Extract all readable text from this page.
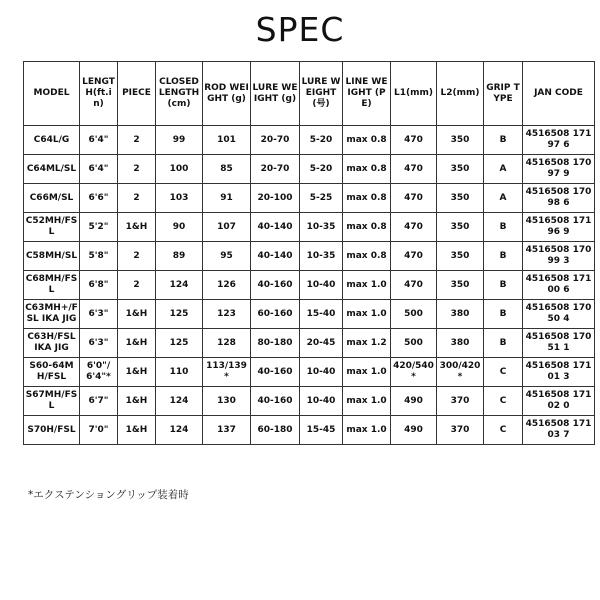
SPEC
MODEL	LENGTH(ft.in)	PIECE	CLOSED LENGTH (cm)	ROD WEIGHT (g)	LURE WEIGHT (g)	LURE WEIGHT (号)	LINE WEIGHT (PE)	L1(mm)	L2(mm)	GRIP TYPE	JAN CODE
C64L/G	6'4"	2	99	101	20-70	5-20	max 0.8	470	350	B	4516508 17197 6
C64ML/SL	6'4"	2	100	85	20-70	5-20	max 0.8	470	350	A	4516508 17097 9
C66M/SL	6'6"	2	103	91	20-100	5-25	max 0.8	470	350	A	4516508 17098 6
C52MH/FSL	5'2"	1&H	90	107	40-140	10-35	max 0.8	470	350	B	4516508 17196 9
C58MH/SL	5'8"	2	89	95	40-140	10-35	max 0.8	470	350	B	4516508 17099 3
C68MH/FSL	6'8"	2	124	126	40-160	10-40	max 1.0	470	350	B	4516508 17100 6
C63MH+/FSL IKA JIG	6'3"	1&H	125	123	60-160	15-40	max 1.0	500	380	B	4516508 17050 4
C63H/FSL IKA JIG	6'3"	1&H	125	128	80-180	20-45	max 1.2	500	380	B	4516508 17051 1
S60-64MH/FSL	6'0"/6'4"*	1&H	110	113/139*	40-160	10-40	max 1.0	420/540*	300/420*	C	4516508 17101 3
S67MH/FSL	6'7"	1&H	124	130	40-160	10-40	max 1.0	490	370	C	4516508 17102 0
S70H/FSL	7'0"	1&H	124	137	60-180	15-45	max 1.0	490	370	C	4516508 17103 7
*エクステンショングリップ装着時
